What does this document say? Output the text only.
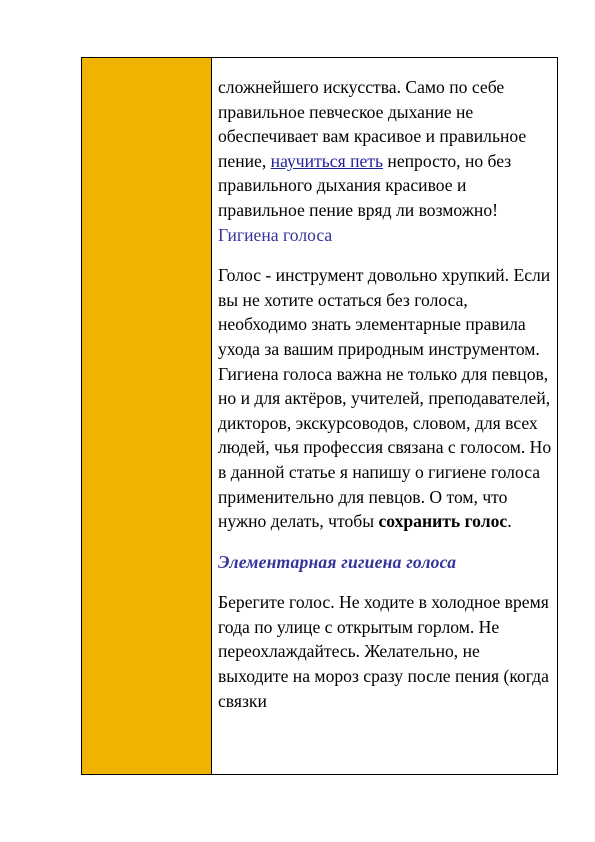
сложнейшего искусства. Само по себе правильное певческое дыхание не обеспечивает вам красивое и правильное пение, научиться петь непросто, но без правильного дыхания красивое и правильное пение вряд ли возможно!

Гигиена голоса

Голос - инструмент довольно хрупкий. Если вы не хотите остаться без голоса, необходимо знать элементарные правила ухода за вашим природным инструментом. Гигиена голоса важна не только для певцов, но и для актёров, учителей, преподавателей, дикторов, экскурсоводов, словом, для всех людей, чья профессия связана с голосом. Но в данной статье я напишу о гигиене голоса применительно для певцов. О том, что нужно делать, чтобы сохранить голос.

Элементарная гигиена голоса

Берегите голос. Не ходите в холодное время года по улице с открытым горлом. Не переохлаждайтесь. Желательно, не выходите на мороз сразу после пения (когда связки
